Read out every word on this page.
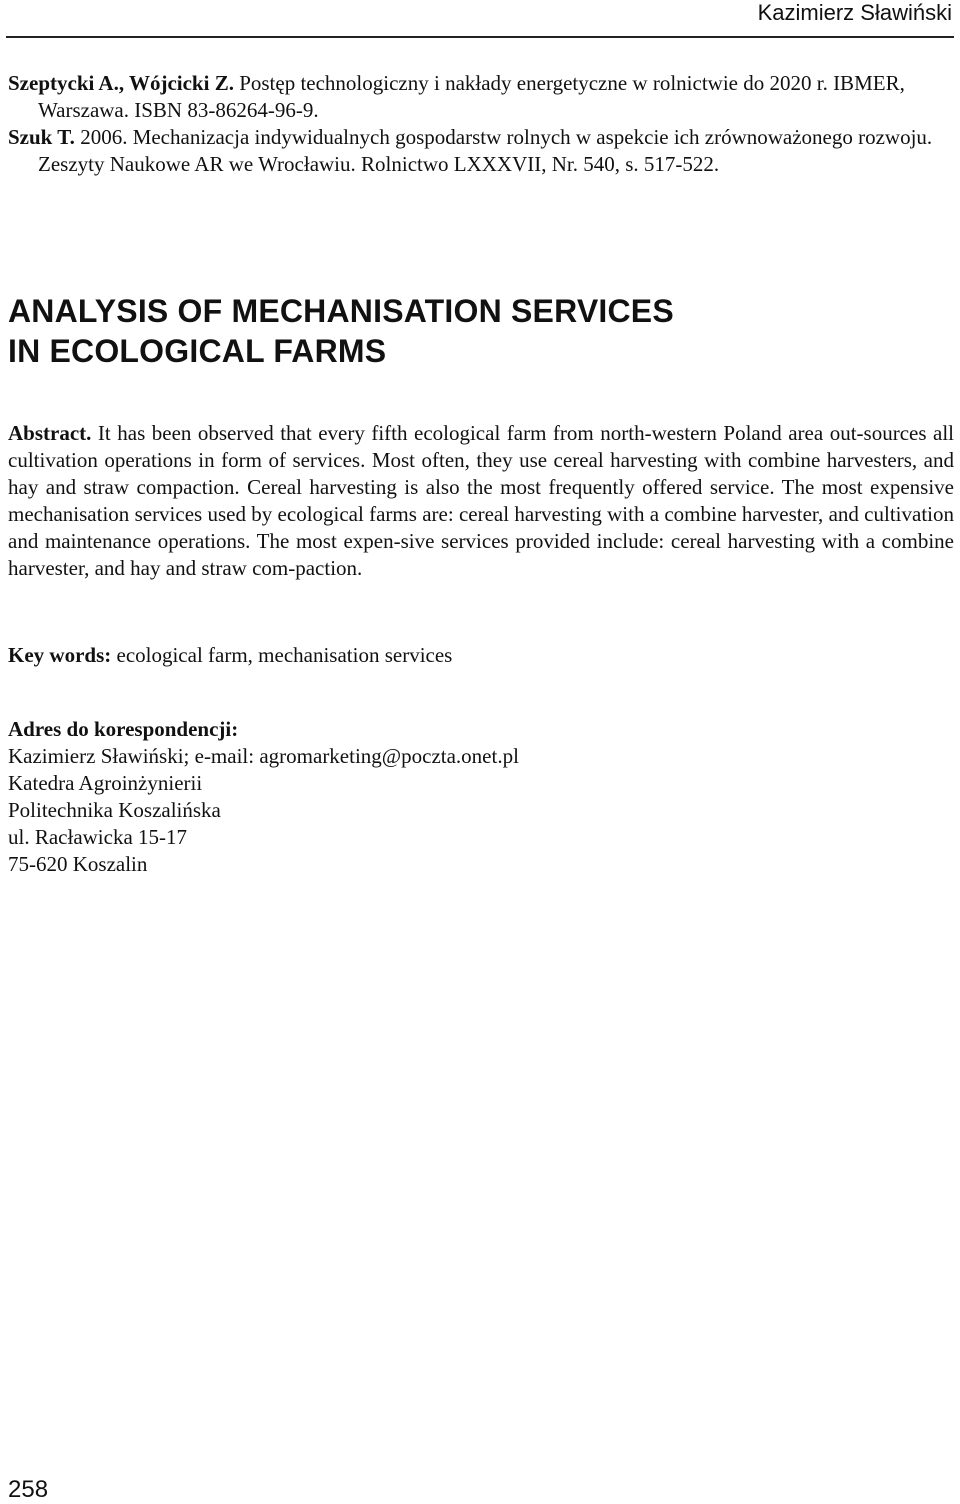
Kazimierz Sławiński

Szeptycki A., Wójcicki Z. Postęp technologiczny i nakłady energetyczne w rolnictwie do 2020 r. IBMER, Warszawa. ISBN 83-86264-96-9.

Szuk T. 2006. Mechanizacja indywidualnych gospodarstw rolnych w aspekcie ich zrównoważonego rozwoju. Zeszyty Naukowe AR we Wrocławiu. Rolnictwo LXXXVII, Nr. 540, s. 517-522.

ANALYSIS OF MECHANISATION SERVICES
IN ECOLOGICAL FARMS

Abstract. It has been observed that every fifth ecological farm from north-western Poland area out-sources all cultivation operations in form of services. Most often, they use cereal harvesting with combine harvesters, and hay and straw compaction. Cereal harvesting is also the most frequently offered service. The most expensive mechanisation services used by ecological farms are: cereal harvesting with a combine harvester, and cultivation and maintenance operations. The most expen-sive services provided include: cereal harvesting with a combine harvester, and hay and straw com-paction.

Key words: ecological farm, mechanisation services

Adres do korespondencji:
Kazimierz Sławiński; e-mail: agromarketing@poczta.onet.pl
Katedra Agroinżynierii
Politechnika Koszalińska
ul. Racławicka 15-17
75-620 Koszalin
258
